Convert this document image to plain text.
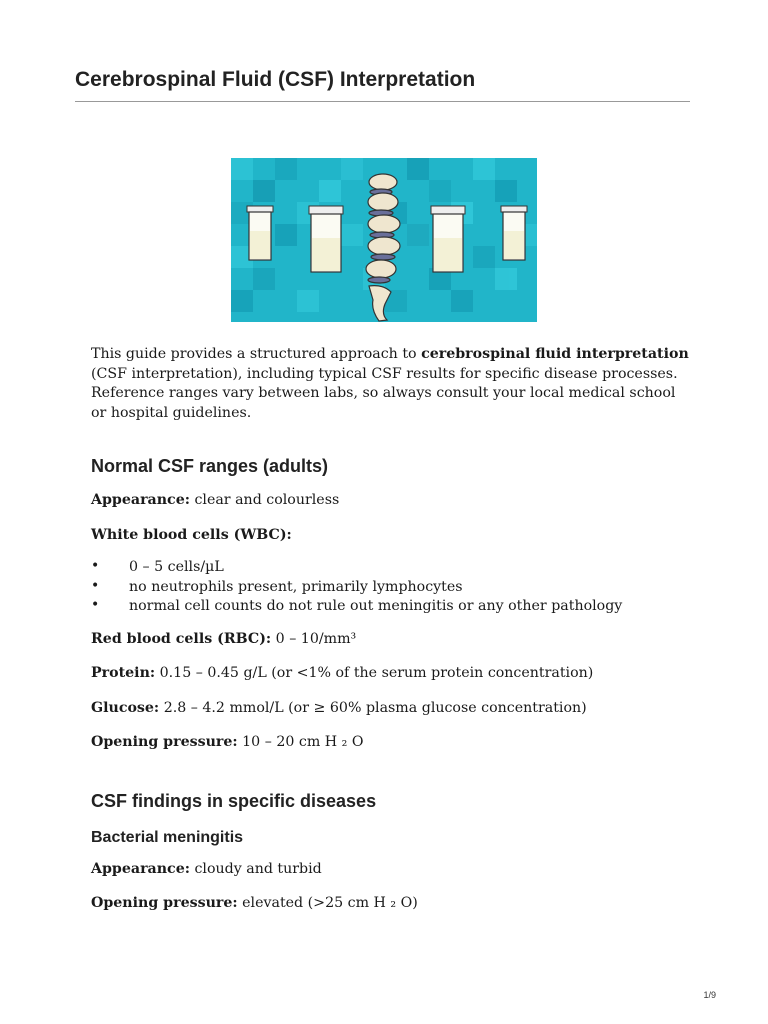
Cerebrospinal Fluid (CSF) Interpretation

This guide provides a structured approach to cerebrospinal fluid interpretation (CSF interpretation), including typical CSF results for specific disease processes. Reference ranges vary between labs, so always consult your local medical school or hospital guidelines.

Normal CSF ranges (adults)

Appearance: clear and colourless

White blood cells (WBC):

• 0 – 5 cells/µL
• no neutrophils present, primarily lymphocytes
• normal cell counts do not rule out meningitis or any other pathology

Red blood cells (RBC): 0 – 10/mm³

Protein: 0.15 – 0.45 g/L (or <1% of the serum protein concentration)

Glucose: 2.8 – 4.2 mmol/L (or ≥ 60% plasma glucose concentration)

Opening pressure: 10 – 20 cm H ₂ O

CSF findings in specific diseases
Bacterial meningitis

Appearance: cloudy and turbid

Opening pressure: elevated (>25 cm H ₂ O)

1/9
